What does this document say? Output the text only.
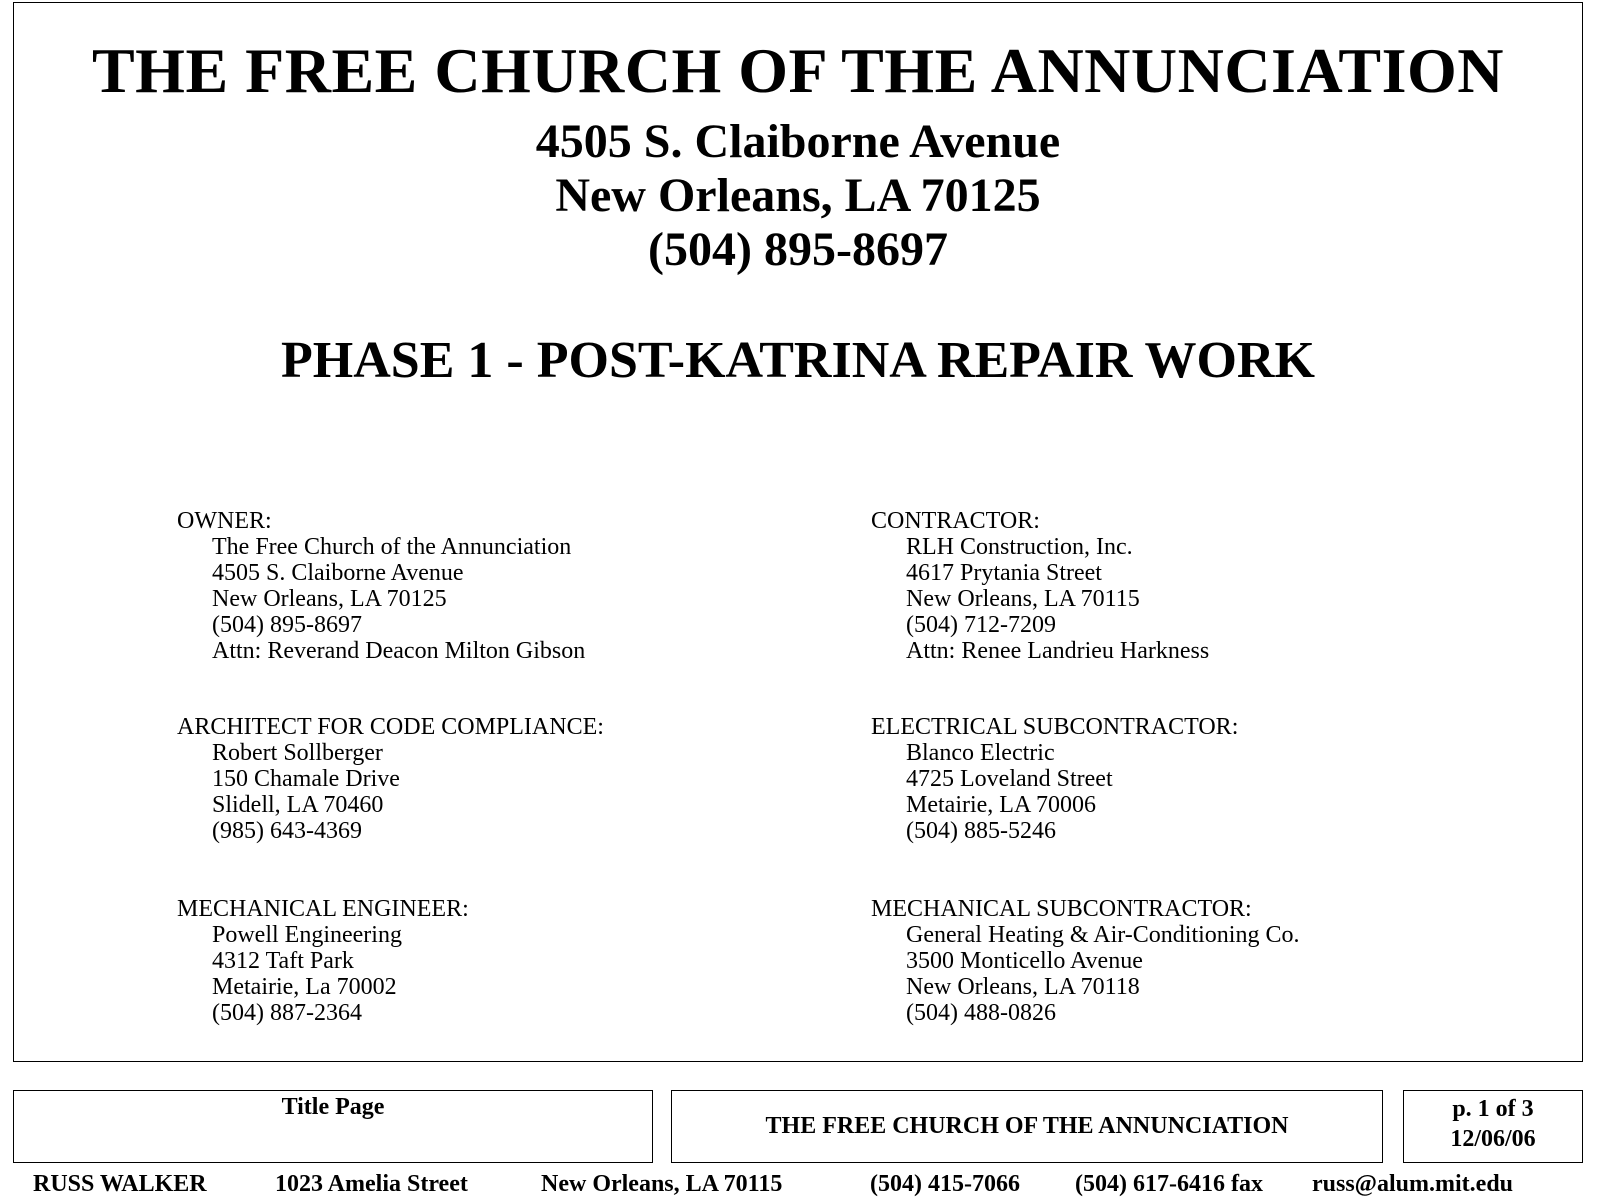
THE FREE CHURCH OF THE ANNUNCIATION
4505 S. Claiborne Avenue
New Orleans, LA 70125
(504) 895-8697
PHASE 1 - POST-KATRINA REPAIR WORK
OWNER:
The Free Church of the Annunciation
4505 S. Claiborne Avenue
New Orleans, LA 70125
(504) 895-8697
Attn: Reverand Deacon Milton Gibson
CONTRACTOR:
RLH Construction, Inc.
4617 Prytania Street
New Orleans, LA 70115
(504) 712-7209
Attn: Renee Landrieu Harkness
ARCHITECT FOR CODE COMPLIANCE:
Robert Sollberger
150 Chamale Drive
Slidell, LA 70460
(985) 643-4369
ELECTRICAL SUBCONTRACTOR:
Blanco Electric
4725 Loveland Street
Metairie, LA 70006
(504) 885-5246
MECHANICAL ENGINEER:
Powell Engineering
4312 Taft Park
Metairie, La 70002
(504) 887-2364
MECHANICAL SUBCONTRACTOR:
General Heating & Air-Conditioning Co.
3500 Monticello Avenue
New Orleans, LA 70118
(504) 488-0826
Title Page
THE FREE CHURCH OF THE ANNUNCIATION
p. 1 of 3
12/06/06
RUSS WALKER	1023 Amelia Street	New Orleans, LA 70115	(504) 415-7066 (504) 617-6416 fax russ@alum.mit.edu
